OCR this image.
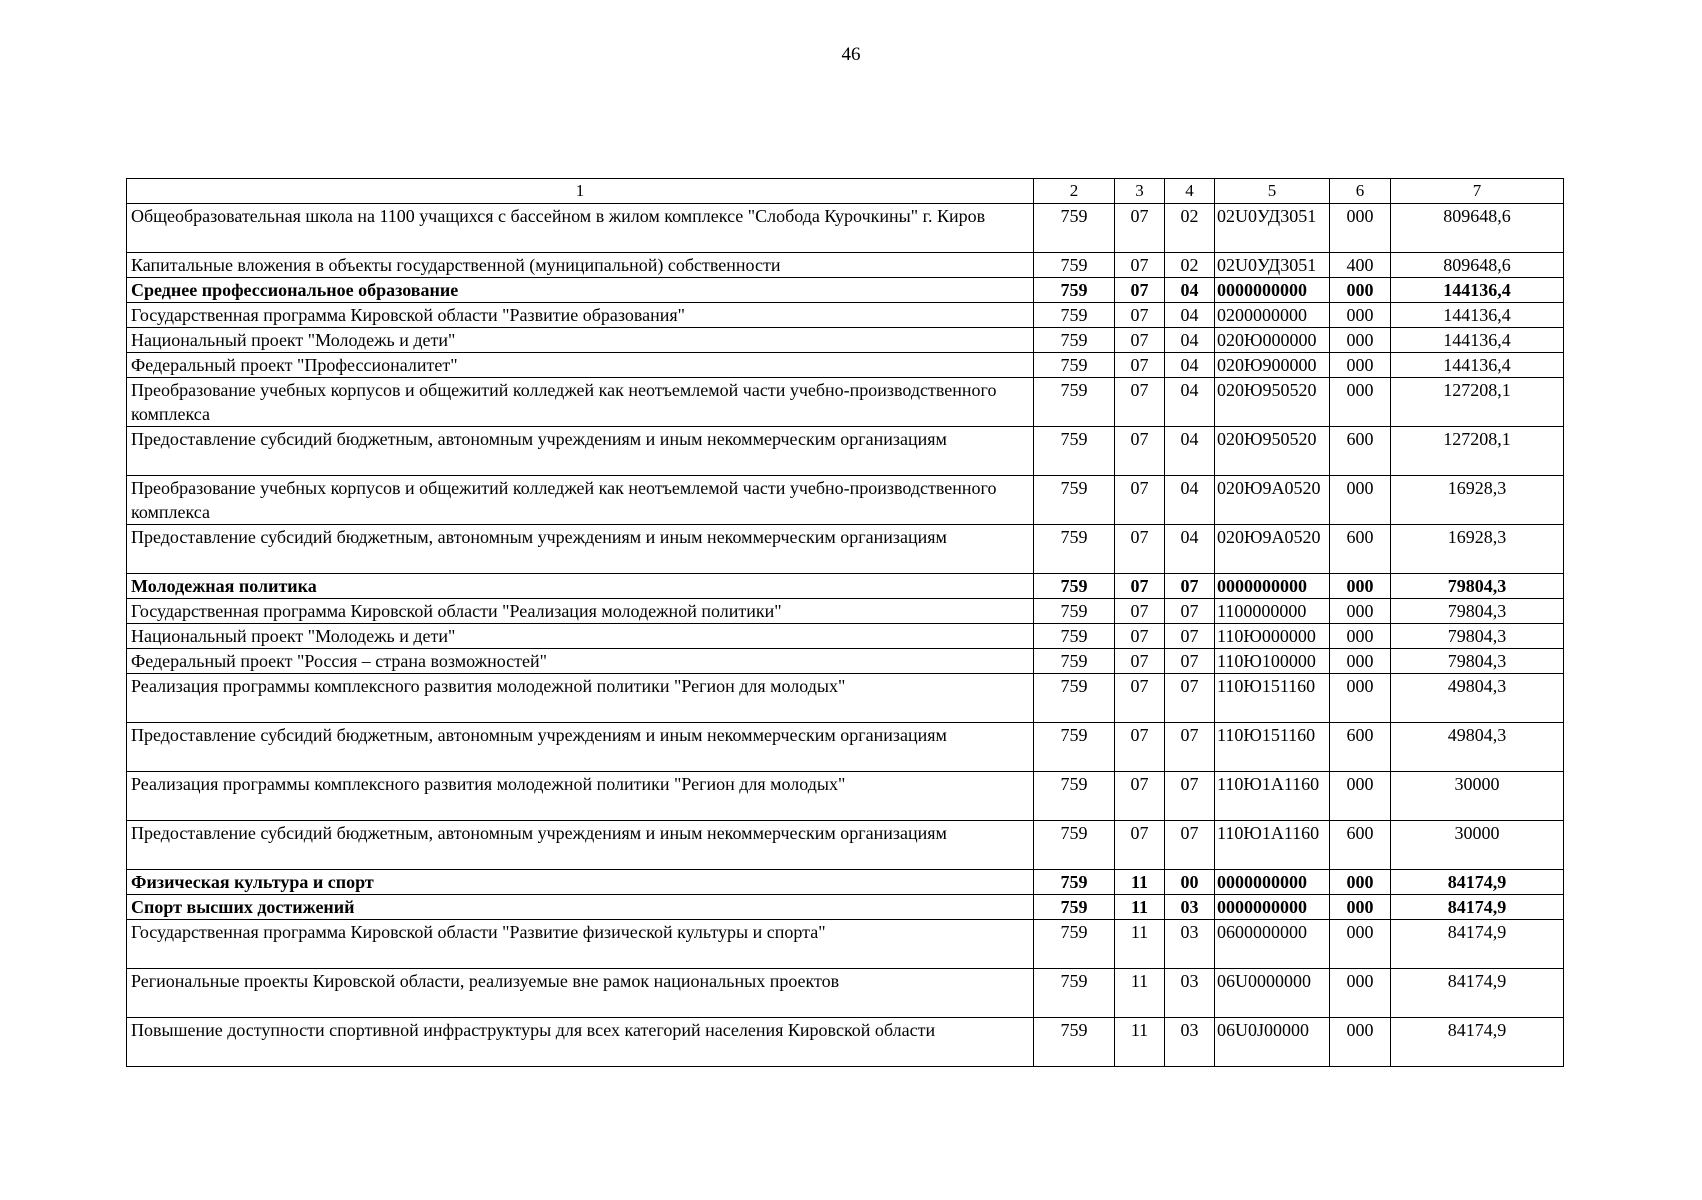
46
1	2	3	4	5	6	7
Общеобразовательная школа на 1100 учащихся с бассейном в жилом комплексе "Слобода Курочкины" г. Киров	759	07	02	02U0УД3051	000	809648,6
Капитальные вложения в объекты государственной (муниципальной) собственности	759	07	02	02U0УД3051	400	809648,6
Среднее профессиональное образование	759	07	04	0000000000	000	144136,4
Государственная программа Кировской области "Развитие образования"	759	07	04	0200000000	000	144136,4
Национальный проект "Молодежь и дети"	759	07	04	020Ю000000	000	144136,4
Федеральный проект "Профессионалитет"	759	07	04	020Ю900000	000	144136,4
Преобразование учебных корпусов и общежитий колледжей как неотъемлемой части учебно-производственного комплекса	759	07	04	020Ю950520	000	127208,1
Предоставление субсидий бюджетным, автономным учреждениям и иным некоммерческим организациям	759	07	04	020Ю950520	600	127208,1
Преобразование учебных корпусов и общежитий колледжей как неотъемлемой части учебно-производственного комплекса	759	07	04	020Ю9А0520	000	16928,3
Предоставление субсидий бюджетным, автономным учреждениям и иным некоммерческим организациям	759	07	04	020Ю9А0520	600	16928,3
Молодежная политика	759	07	07	0000000000	000	79804,3
Государственная программа Кировской области "Реализация молодежной политики"	759	07	07	1100000000	000	79804,3
Национальный проект "Молодежь и дети"	759	07	07	110Ю000000	000	79804,3
Федеральный проект "Россия – страна возможностей"	759	07	07	110Ю100000	000	79804,3
Реализация программы комплексного развития молодежной политики "Регион для молодых"	759	07	07	110Ю151160	000	49804,3
Предоставление субсидий бюджетным, автономным учреждениям и иным некоммерческим организациям	759	07	07	110Ю151160	600	49804,3
Реализация программы комплексного развития молодежной политики "Регион для молодых"	759	07	07	110Ю1А1160	000	30000
Предоставление субсидий бюджетным, автономным учреждениям и иным некоммерческим организациям	759	07	07	110Ю1А1160	600	30000
Физическая культура и спорт	759	11	00	0000000000	000	84174,9
Спорт высших достижений	759	11	03	0000000000	000	84174,9
Государственная программа Кировской области "Развитие физической культуры и спорта"	759	11	03	0600000000	000	84174,9
Региональные проекты Кировской области, реализуемые вне рамок национальных проектов	759	11	03	06U0000000	000	84174,9
Повышение доступности спортивной инфраструктуры для всех категорий населения Кировской области	759	11	03	06U0J00000	000	84174,9
